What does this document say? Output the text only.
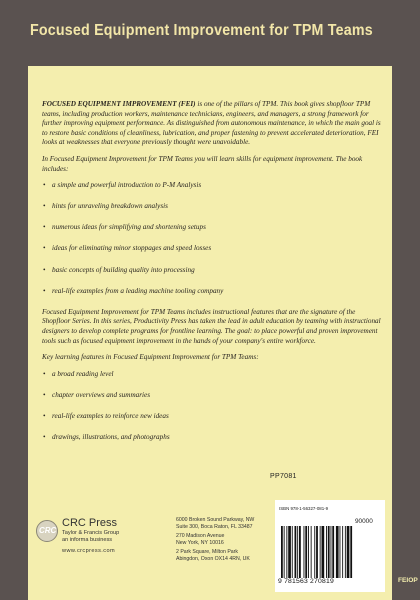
Focused Equipment Improvement for TPM Teams

FOCUSED EQUIPMENT IMPROVEMENT (FEI) is one of the pillars of TPM. This book gives shopfloor TPM teams, including production workers, maintenance technicians, engineers, and managers, a strong framework for further improving equipment performance. As distinguished from autonomous maintenance, in which the main goal is to restore basic conditions of cleanliness, lubrication, and proper fastening to prevent accelerated deterioration, FEI looks at weaknesses that everyone previously thought were unavoidable.

In Focused Equipment Improvement for TPM Teams you will learn skills for equipment improvement. The book includes:

• a simple and powerful introduction to P-M Analysis
• hints for unraveling breakdown analysis
• numerous ideas for simplifying and shortening setups
• ideas for eliminating minor stoppages and speed losses
• basic concepts of building quality into processing
• real-life examples from a leading machine tooling company

Focused Equipment Improvement for TPM Teams includes instructional features that are the signature of the Shopfloor Series. In this series, Productivity Press has taken the lead in adult education by teaming with instructional designers to develop complete programs for frontline learning. The goal: to place powerful and proven improvement tools such as focused equipment improvement in the hands of your company's entire workforce.

Key learning features in Focused Equipment Improvement for TPM Teams:

• a broad reading level
• chapter overviews and summaries
• real-life examples to reinforce new ideas
• drawings, illustrations, and photographs
PP7081
CRC
CRC Press
Taylor & Francis Group
an informa business
www.crcpress.com
6000 Broken Sound Parkway, NW
Suite 300, Boca Raton, FL 33487
270 Madison Avenue
New York, NY 10016
2 Park Square, Milton Park
Abingdon, Oxon OX14 4RN, UK
ISBN 978-1-56327-081-9
90000
9 781563 270819	FEIOP
